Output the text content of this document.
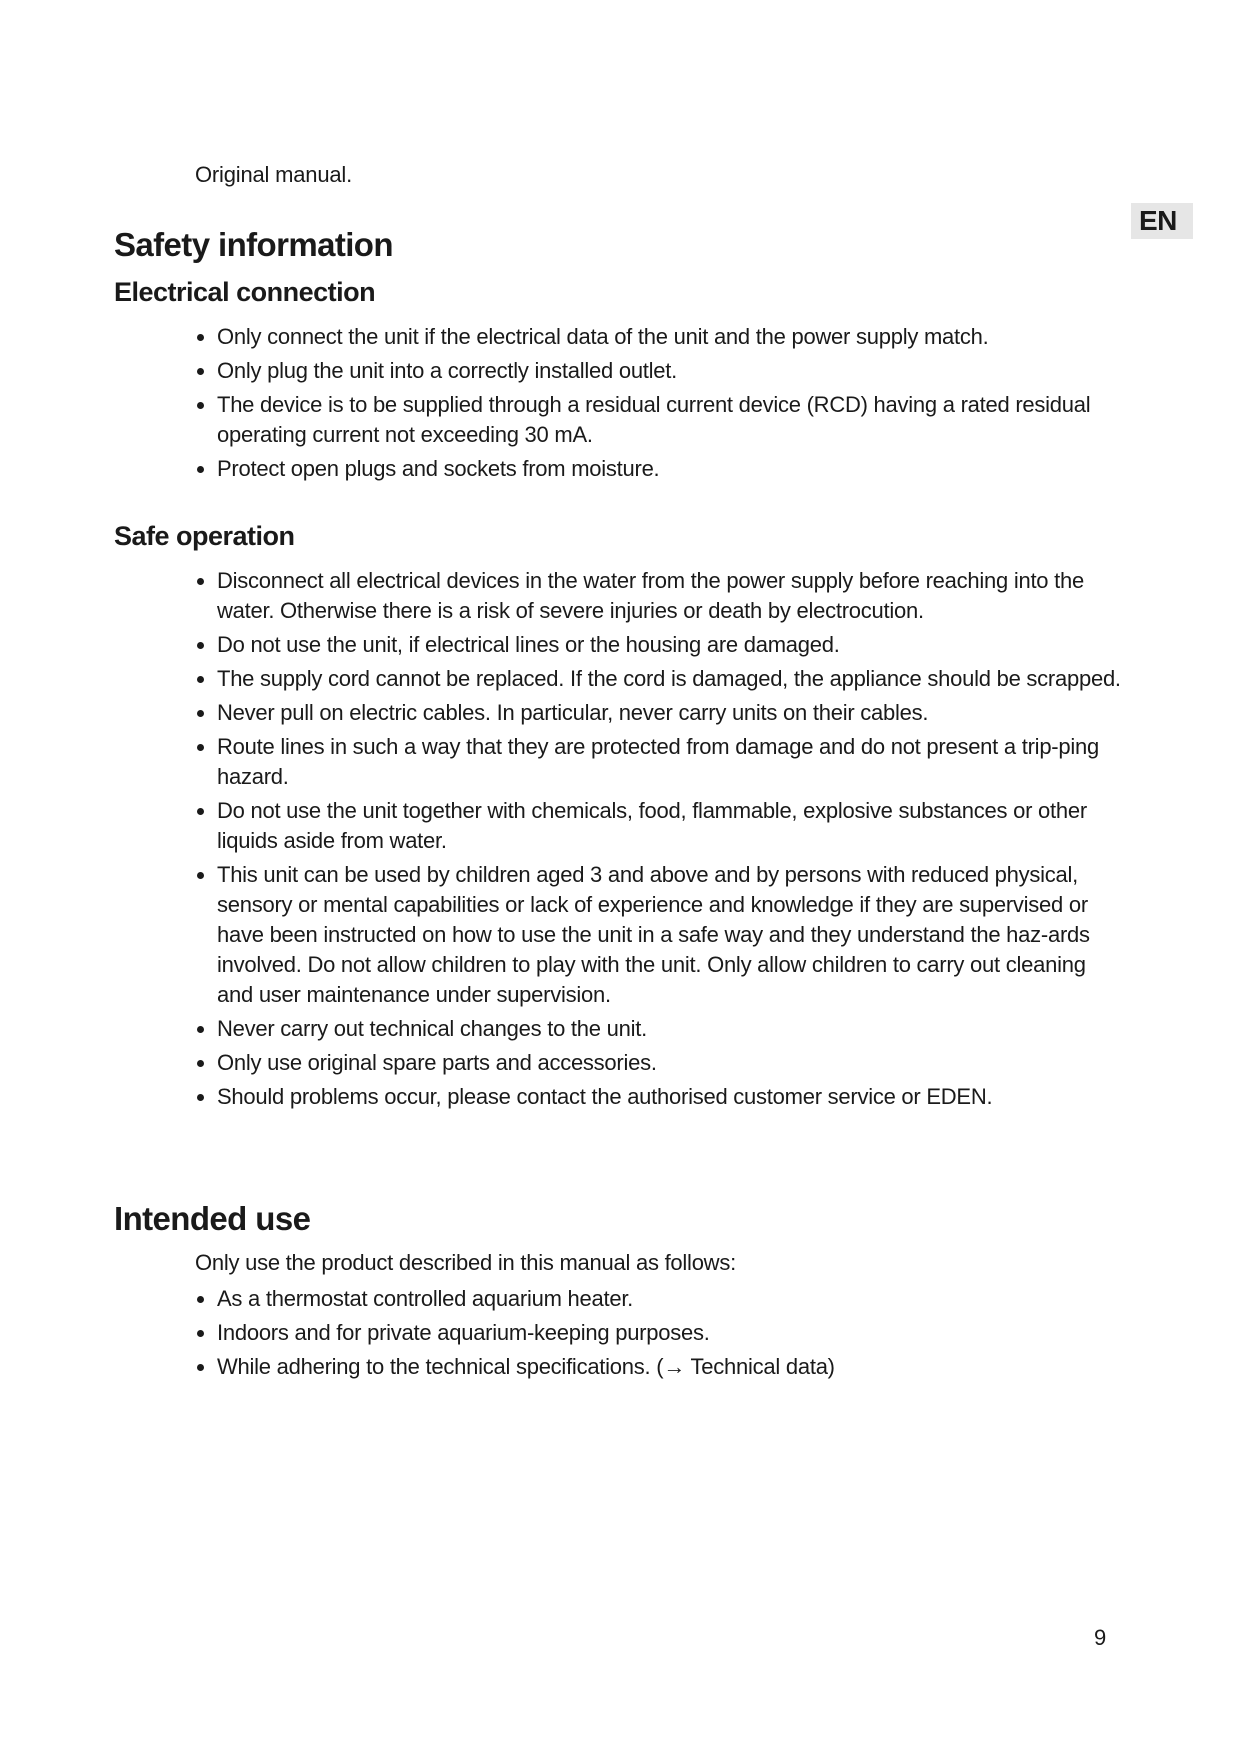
Original manual.

EN
Safety information
Electrical connection
Only connect the unit if the electrical data of the unit and the power supply match.
Only plug the unit into a correctly installed outlet.
The device is to be supplied through a residual current device (RCD) having a rated residual operating current not exceeding 30 mA.
Protect open plugs and sockets from moisture.
Safe operation
Disconnect all electrical devices in the water from the power supply before reaching into the water. Otherwise there is a risk of severe injuries or death by electrocution.
Do not use the unit, if electrical lines or the housing are damaged.
The supply cord cannot be replaced. If the cord is damaged, the appliance should be scrapped.
Never pull on electric cables. In particular, never carry units on their cables.
Route lines in such a way that they are protected from damage and do not present a trip-ping hazard.
Do not use the unit together with chemicals, food, flammable, explosive substances or other liquids aside from water.
This unit can be used by children aged 3 and above and by persons with reduced physical, sensory or mental capabilities or lack of experience and knowledge if they are supervised or have been instructed on how to use the unit in a safe way and they understand the haz-ards involved. Do not allow children to play with the unit. Only allow children to carry out cleaning and user maintenance under supervision.
Never carry out technical changes to the unit.
Only use original spare parts and accessories.
Should problems occur, please contact the authorised customer service or EDEN.
Intended use

Only use the product described in this manual as follows:

As a thermostat controlled aquarium heater.
Indoors and for private aquarium-keeping purposes.
While adhering to the technical specifications. (→ Technical data)
9
